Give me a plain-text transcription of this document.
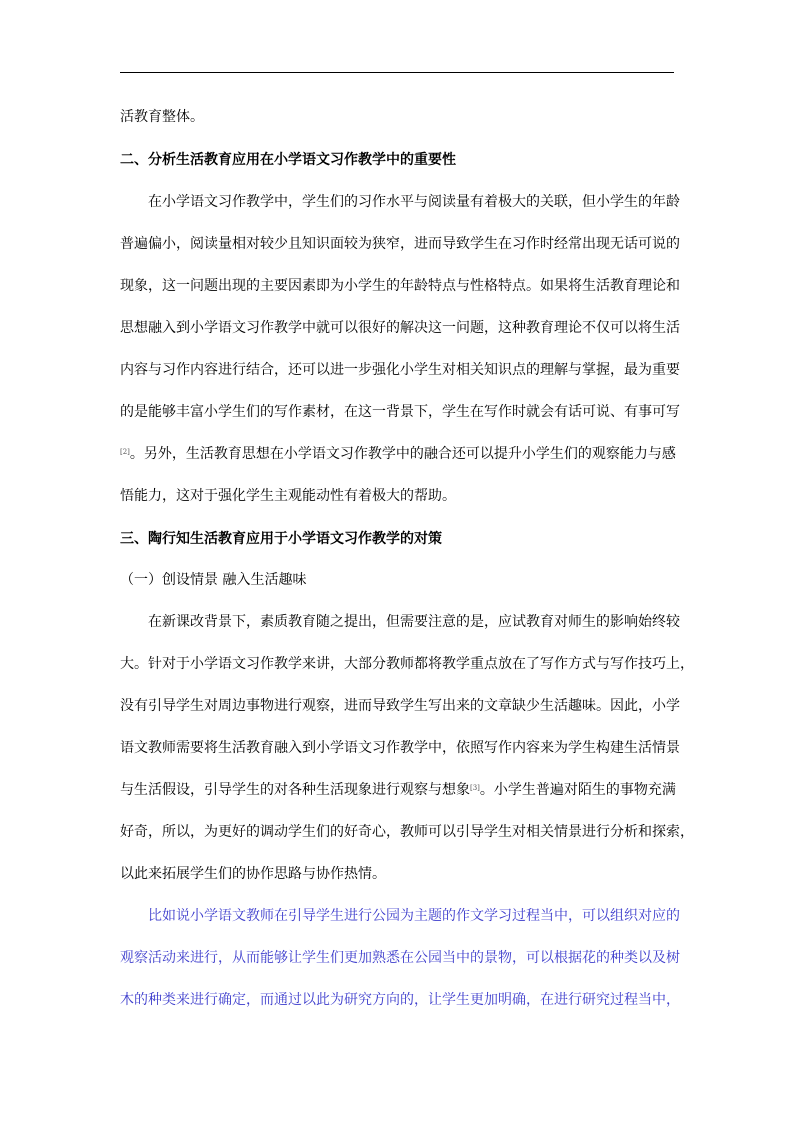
活教育整体。
二、分析生活教育应用在小学语文习作教学中的重要性
在小学语文习作教学中，学生们的习作水平与阅读量有着极大的关联，但小学生的年龄
普遍偏小，阅读量相对较少且知识面较为狭窄，进而导致学生在习作时经常出现无话可说的
现象，这一问题出现的主要因素即为小学生的年龄特点与性格特点。如果将生活教育理论和
思想融入到小学语文习作教学中就可以很好的解决这一问题，这种教育理论不仅可以将生活
内容与习作内容进行结合，还可以进一步强化小学生对相关知识点的理解与掌握，最为重要
的是能够丰富小学生们的写作素材，在这一背景下，学生在写作时就会有话可说、有事可写
[2]。另外，生活教育思想在小学语文习作教学中的融合还可以提升小学生们的观察能力与感
悟能力，这对于强化学生主观能动性有着极大的帮助。
三、陶行知生活教育应用于小学语文习作教学的对策
（一）创设情景 融入生活趣味
在新课改背景下，素质教育随之提出，但需要注意的是，应试教育对师生的影响始终较
大。针对于小学语文习作教学来讲，大部分教师都将教学重点放在了写作方式与写作技巧上，
没有引导学生对周边事物进行观察，进而导致学生写出来的文章缺少生活趣味。因此，小学
语文教师需要将生活教育融入到小学语文习作教学中，依照写作内容来为学生构建生活情景
与生活假设，引导学生的对各种生活现象进行观察与想象[3]。小学生普遍对陌生的事物充满
好奇，所以，为更好的调动学生们的好奇心，教师可以引导学生对相关情景进行分析和探索，
以此来拓展学生们的协作思路与协作热情。
比如说小学语文教师在引导学生进行公园为主题的作文学习过程当中，可以组织对应的
观察活动来进行，从而能够让学生们更加熟悉在公园当中的景物，可以根据花的种类以及树
木的种类来进行确定，而通过以此为研究方向的，让学生更加明确，在进行研究过程当中，
